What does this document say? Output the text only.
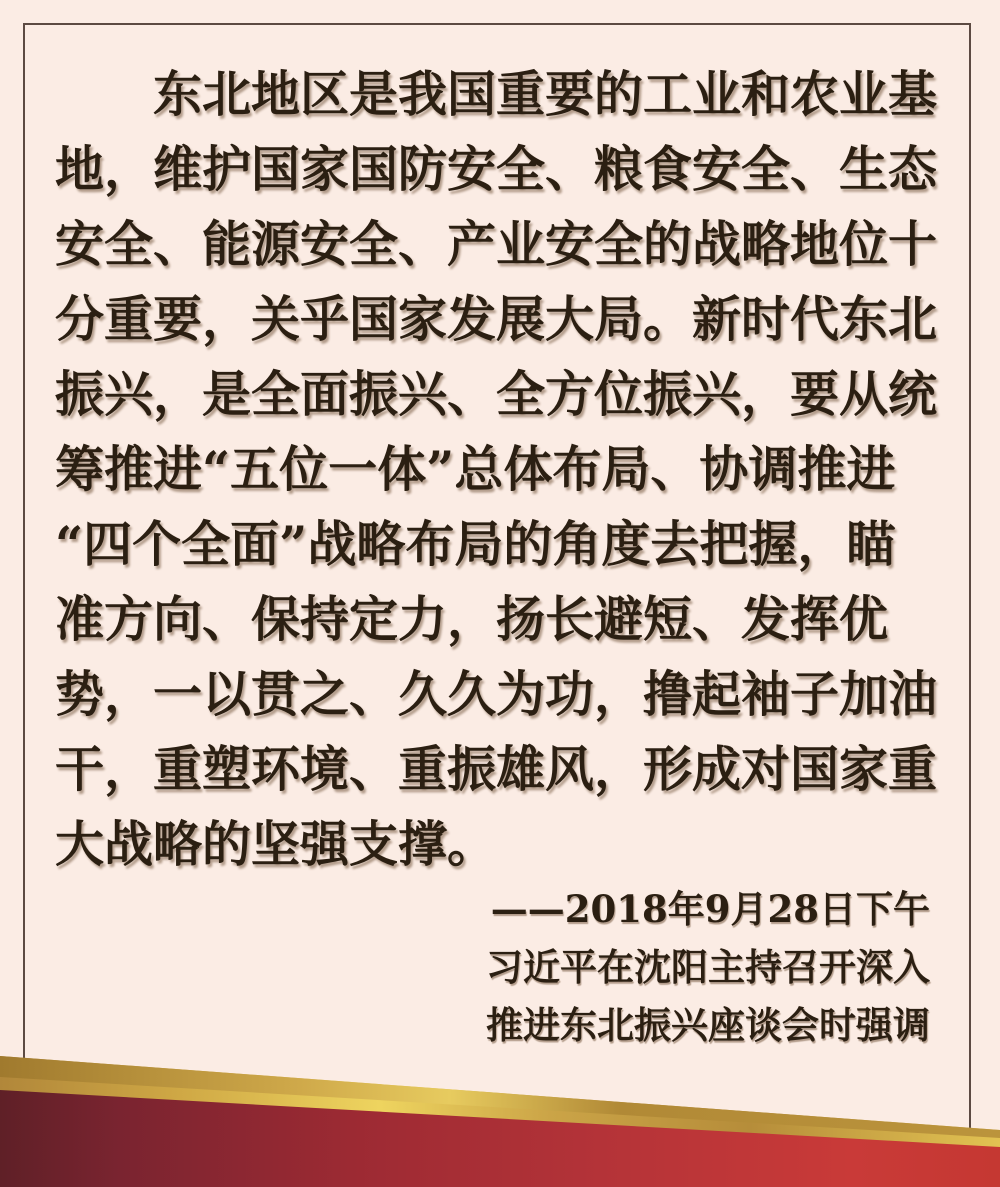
东北地区是我国重要的工业和农业基
地，维护国家国防安全、粮食安全、生态
安全、能源安全、产业安全的战略地位十
分重要，关乎国家发展大局。新时代东北
振兴，是全面振兴、全方位振兴，要从统
筹推进“五位一体”总体布局、协调推进
“四个全面”战略布局的角度去把握，瞄
准方向、保持定力，扬长避短、发挥优
势，一以贯之、久久为功，撸起袖子加油
干，重塑环境、重振雄风，形成对国家重
大战略的坚强支撑。
——2018年9月28日下午
习近平在沈阳主持召开深入
推进东北振兴座谈会时强调
